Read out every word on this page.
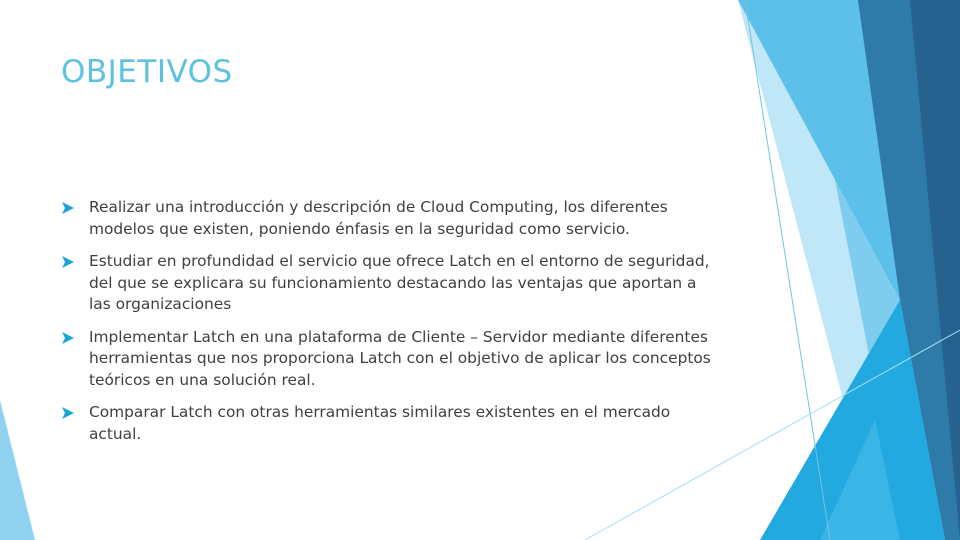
OBJETIVOS
Realizar una introducción y descripción de Cloud Computing, los diferentes modelos que existen, poniendo énfasis en la seguridad como servicio.
Estudiar en profundidad el servicio que ofrece Latch en el entorno de seguridad, del que se explicara su funcionamiento destacando las ventajas que aportan a las organizaciones
Implementar Latch en una plataforma de Cliente – Servidor mediante diferentes herramientas que nos proporciona Latch con el objetivo de aplicar los conceptos teóricos en una solución real.
Comparar Latch con otras herramientas similares existentes en el mercado actual.
